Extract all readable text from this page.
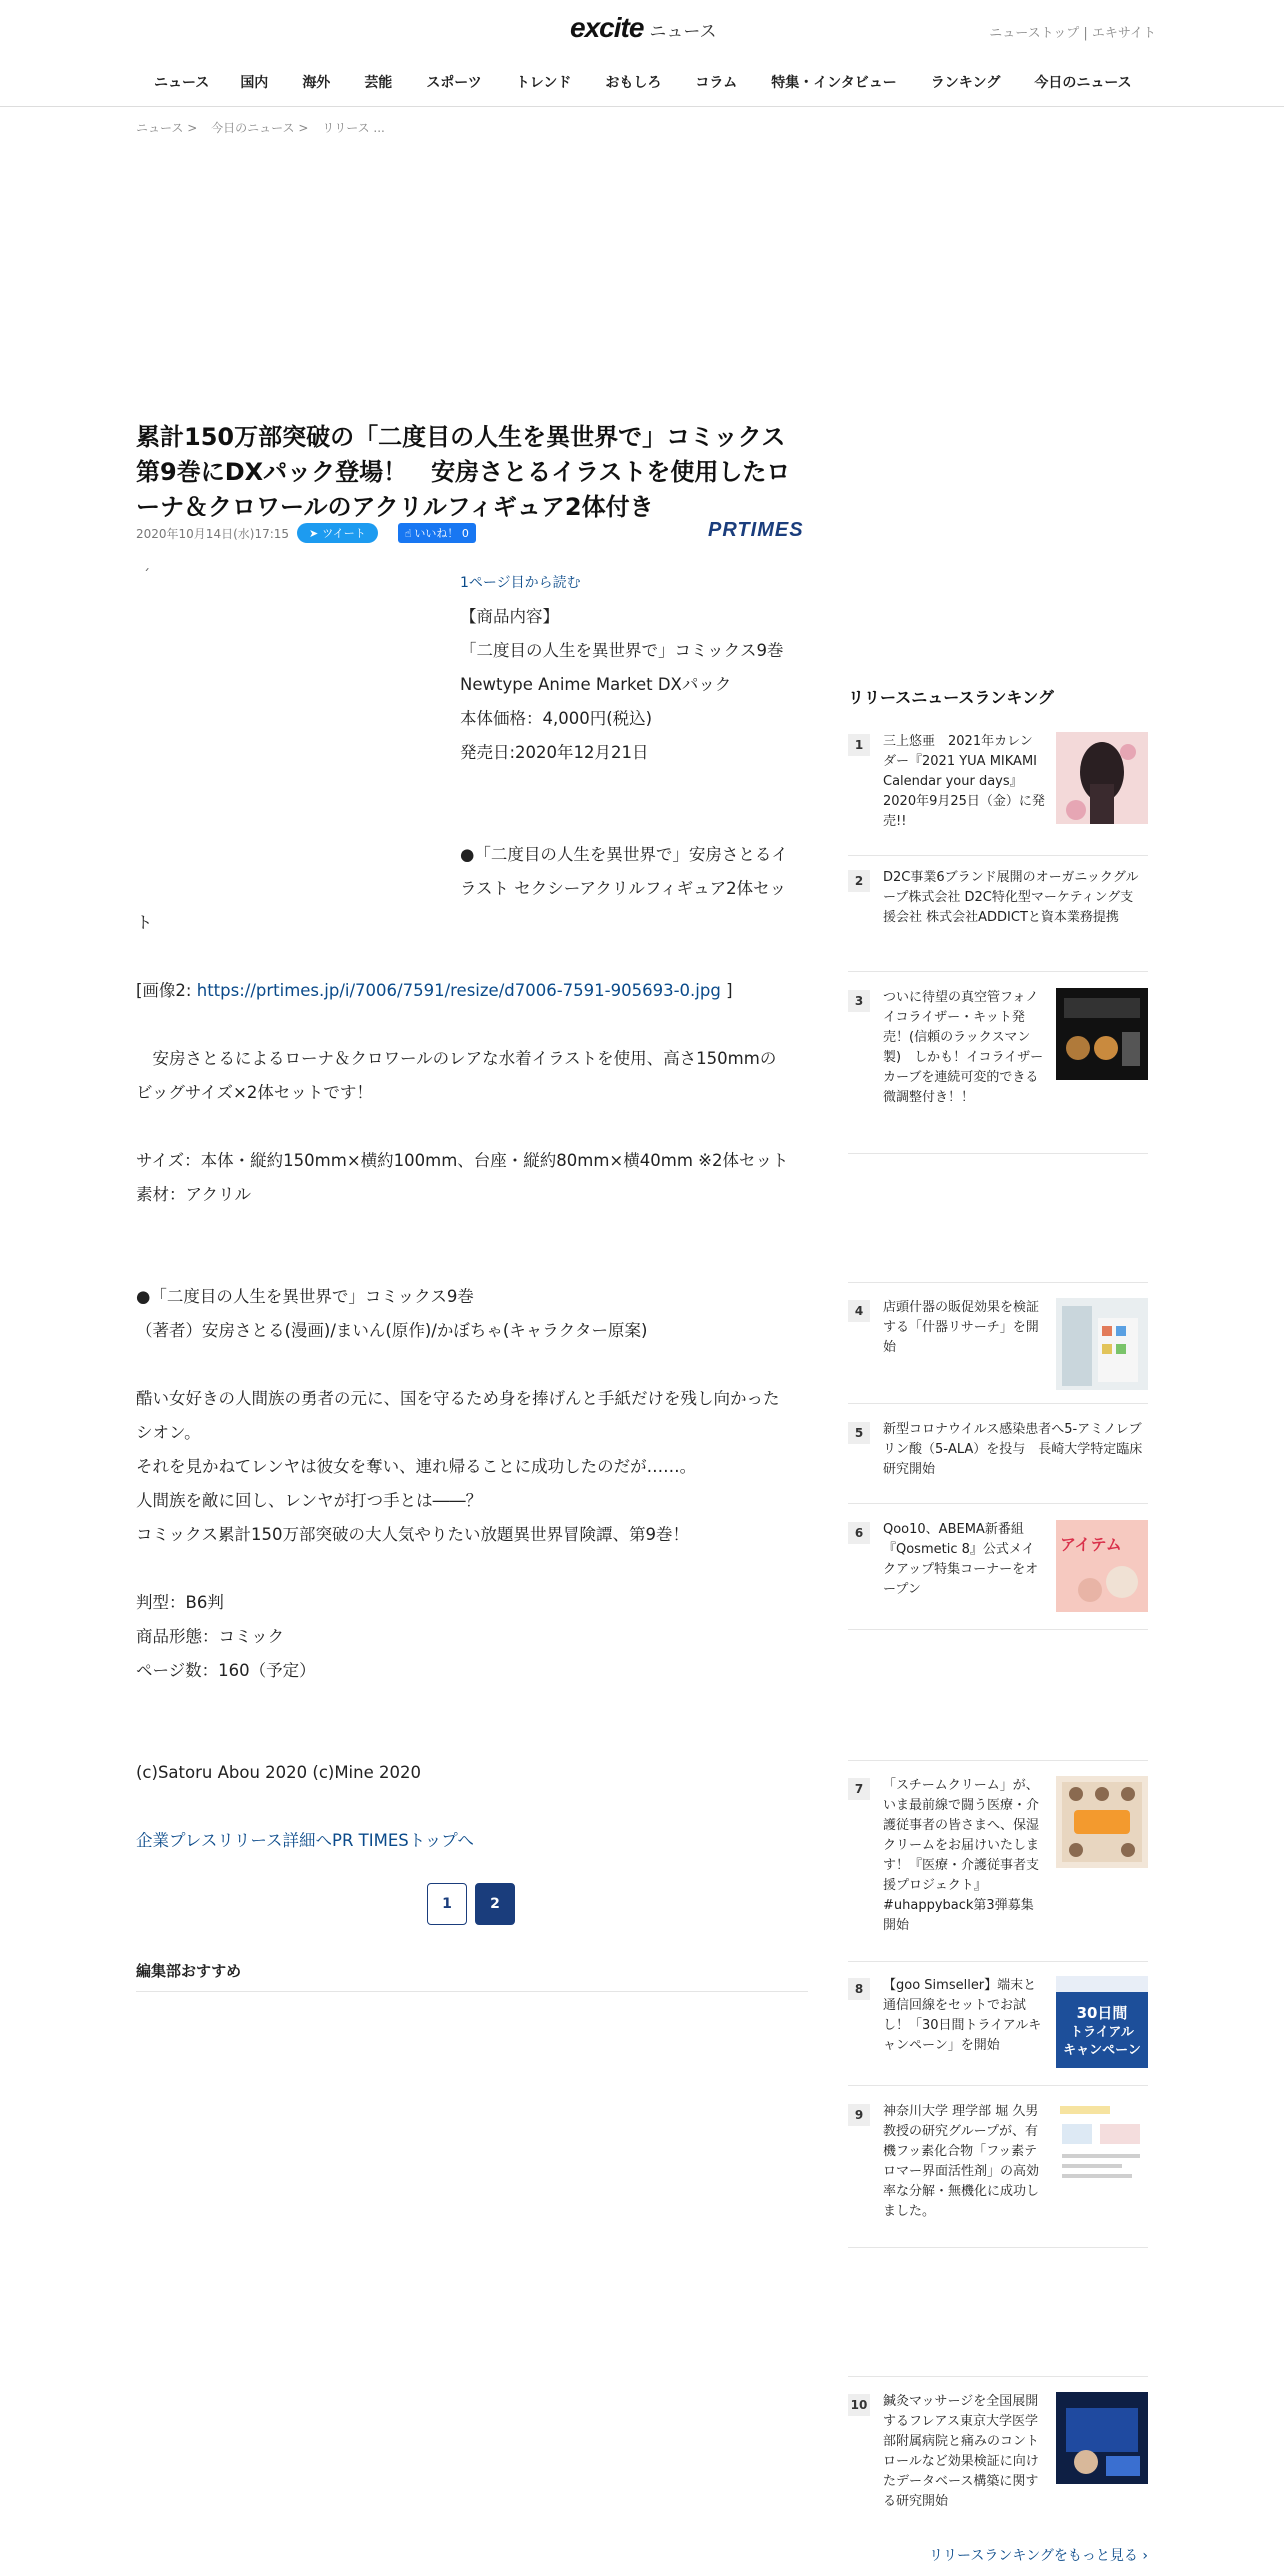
excite ニュース	ニューストップ | エキサイト
ニュース	国内	海外	芸能	スポーツ	トレンド	おもしろ	コラム	特集・インタビュー	ランキング	今日のニュース
ニュース > 今日のニュース > リリース ...
累計150万部突破の「二度目の人生を異世界で」コミックス第9巻にDXパック登場！　安房さとるイラストを使用したローナ＆クロワールのアクリルフィギュア2体付き
2020年10月14日(水)17:15 ➤ ツイート	☝ いいね！ 0	PRTIMES
´	1ページ目から読む
【商品内容】
「二度目の人生を異世界で」コミックス9巻
Newtype Anime Market DXパック
本体価格：4,000円(税込)
発売日:2020年12月21日
●「二度目の人生を異世界で」安房さとるイ
ラスト セクシーアクリルフィギュア2体セッ
ト
[画像2: https://prtimes.jp/i/7006/7591/resize/d7006-7591-905693-0.jpg ]
　安房さとるによるローナ＆クロワールのレアな水着イラストを使用、高さ150mmの
ビッグサイズ×2体セットです！
サイズ：本体・縦約150mm×横約100mm、台座・縦約80mm×横40mm ※2体セット
素材：アクリル
●「二度目の人生を異世界で」コミックス9巻
（著者）安房さとる(漫画)/まいん(原作)/かぼちゃ(キャラクター原案)
酷い女好きの人間族の勇者の元に、国を守るため身を捧げんと手紙だけを残し向かった
シオン。
それを見かねてレンヤは彼女を奪い、連れ帰ることに成功したのだが……。
人間族を敵に回し、レンヤが打つ手とは――？
コミックス累計150万部突破の大人気やりたい放題異世界冒険譚、第9巻！
判型：B6判
商品形態：コミック
ページ数：160（予定）
(c)Satoru Abou 2020 (c)Mine 2020
企業プレスリリース詳細へPR TIMESトップへ
1	2
編集部おすすめ
リリースニュースランキング
1	三上悠亜　2021年カレンダー『2021 YUA MIKAMI Calendar your days』2020年9月25日（金）に発売!!
2	D2C事業6ブランド展開のオーガニックグループ株式会社 D2C特化型マーケティング支援会社 株式会社ADDICTと資本業務提携
3	ついに待望の真空管フォノイコライザー・キット発売！(信頼のラックスマン製)　しかも！イコライザーカーブを連続可変的できる微調整付き！！
4	店頭什器の販促効果を検証する「什器リサーチ」を開始
5	新型コロナウイルス感染患者へ5-アミノレブリン酸（5-ALA）を投与　長崎大学特定臨床研究開始
6	Qoo10、ABEMA新番組『Qosmetic 8』公式メイクアップ特集コーナーをオープン
アイテム
7	「スチームクリーム」が、いま最前線で闘う医療・介護従事者の皆さまへ、保湿クリームをお届けいたします！『医療・介護従事者支援プロジェクト』#uhappyback第3弾募集開始
8	【goo Simseller】端末と通信回線をセットでお試し！「30日間トライアルキャンペーン」を開始
30日間
トライアル
キャンペーン
9	神奈川大学 理学部 堀 久男 教授の研究グループが、有機フッ素化合物「フッ素テロマー界面活性剤」の高効率な分解・無機化に成功しました。
10 鍼灸マッサージを全国展開するフレアス東京大学医学部附属病院と痛みのコントロールなど効果検証に向けたデータベース構築に関する研究開始
リリースランキングをもっと見る ›
